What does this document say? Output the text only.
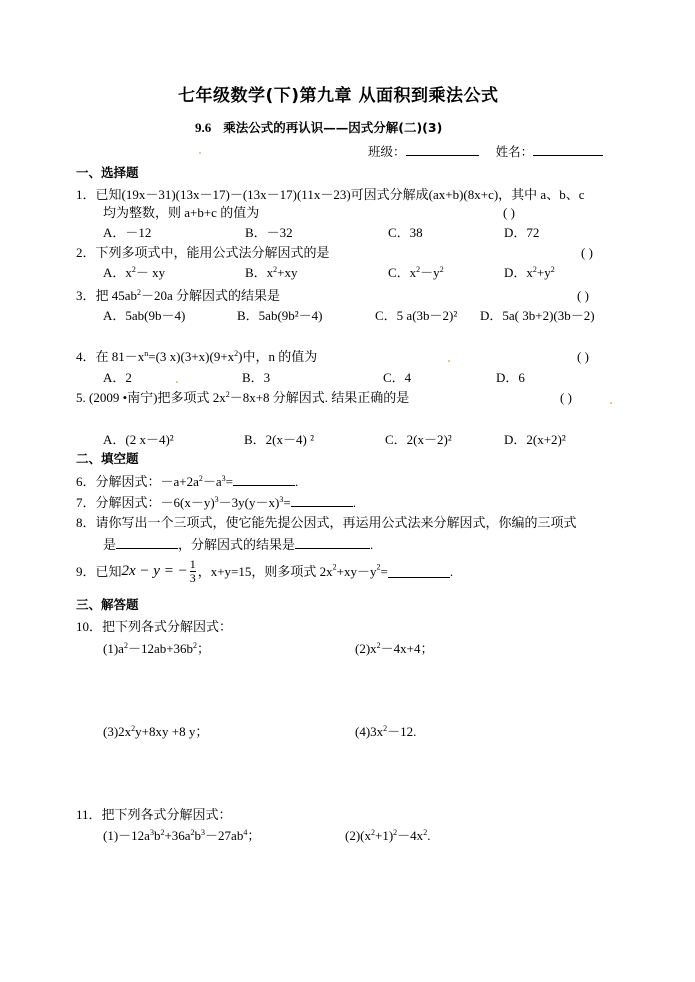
七年级数学(下)第九章 从面积到乘法公式
9.6 乘法公式的再认识——因式分解(二)(3)
班级：	姓名：
一、选择题
1．已知(19x－31)(13x－17)－(13x－17)(11x－23)可因式分解成(ax+b)(8x+c)，其中 a、b、c
均为整数，则 a+b+c 的值为	( )
A．－12	B．－32	C．38	D．72
2．下列多项式中，能用公式法分解因式的是	( )
A．$x^2-$ xy	B．$x^2+xy$	C．$x^2-y^2$	D．$x^2+y^2$
3．把 $45ab^2-20a$ 分解因式的结果是	( )
A．5ab(9b－4)	B．5ab(9b²－4)	C．5 a(3b－2)² D．5a( 3b+2)(3b－2)
4．在 $81-x^n=(3$ $x)(3+x)(9+x^2)$中，n 的值为	( )
A．2	B．3	C．4	D．6
5. (2009 •南宁)把多项式 $2x^2-8x+8$ 分解因式. 结果正确的是	( )
A．(2 x－4)²	B．2(x－4) ²	C．2(x－2)²	D．2(x+2)²
二、填空题
6．分解因式：$-a+2a^2-a^3=$	.
7．分解因式：$-6(x-y)^3-3y(y-x)^3=$	.
8．请你写出一个三项式，使它能先提公因式，再运用公式法来分解因式，你编的三项式
是	，分解因式的结果是	.
9．已知2x − y = − $\frac{1}{3}$ ，x+y=15，则多项式 $2x^2+xy-y^2=$	.
三、解答题
10．把下列各式分解因式：
$(1)a^2-12ab+36b^2$；	$(2)x^2-4x+4$；
$(3)2x^2y+8xy +8$ y；	$(4)3x^2-12$.
11．把下列各式分解因式：
$(1)-12a^3b^2+36a^2b^3-27ab^4$；	$(2)(x^2+1)^2-4x^2$.
